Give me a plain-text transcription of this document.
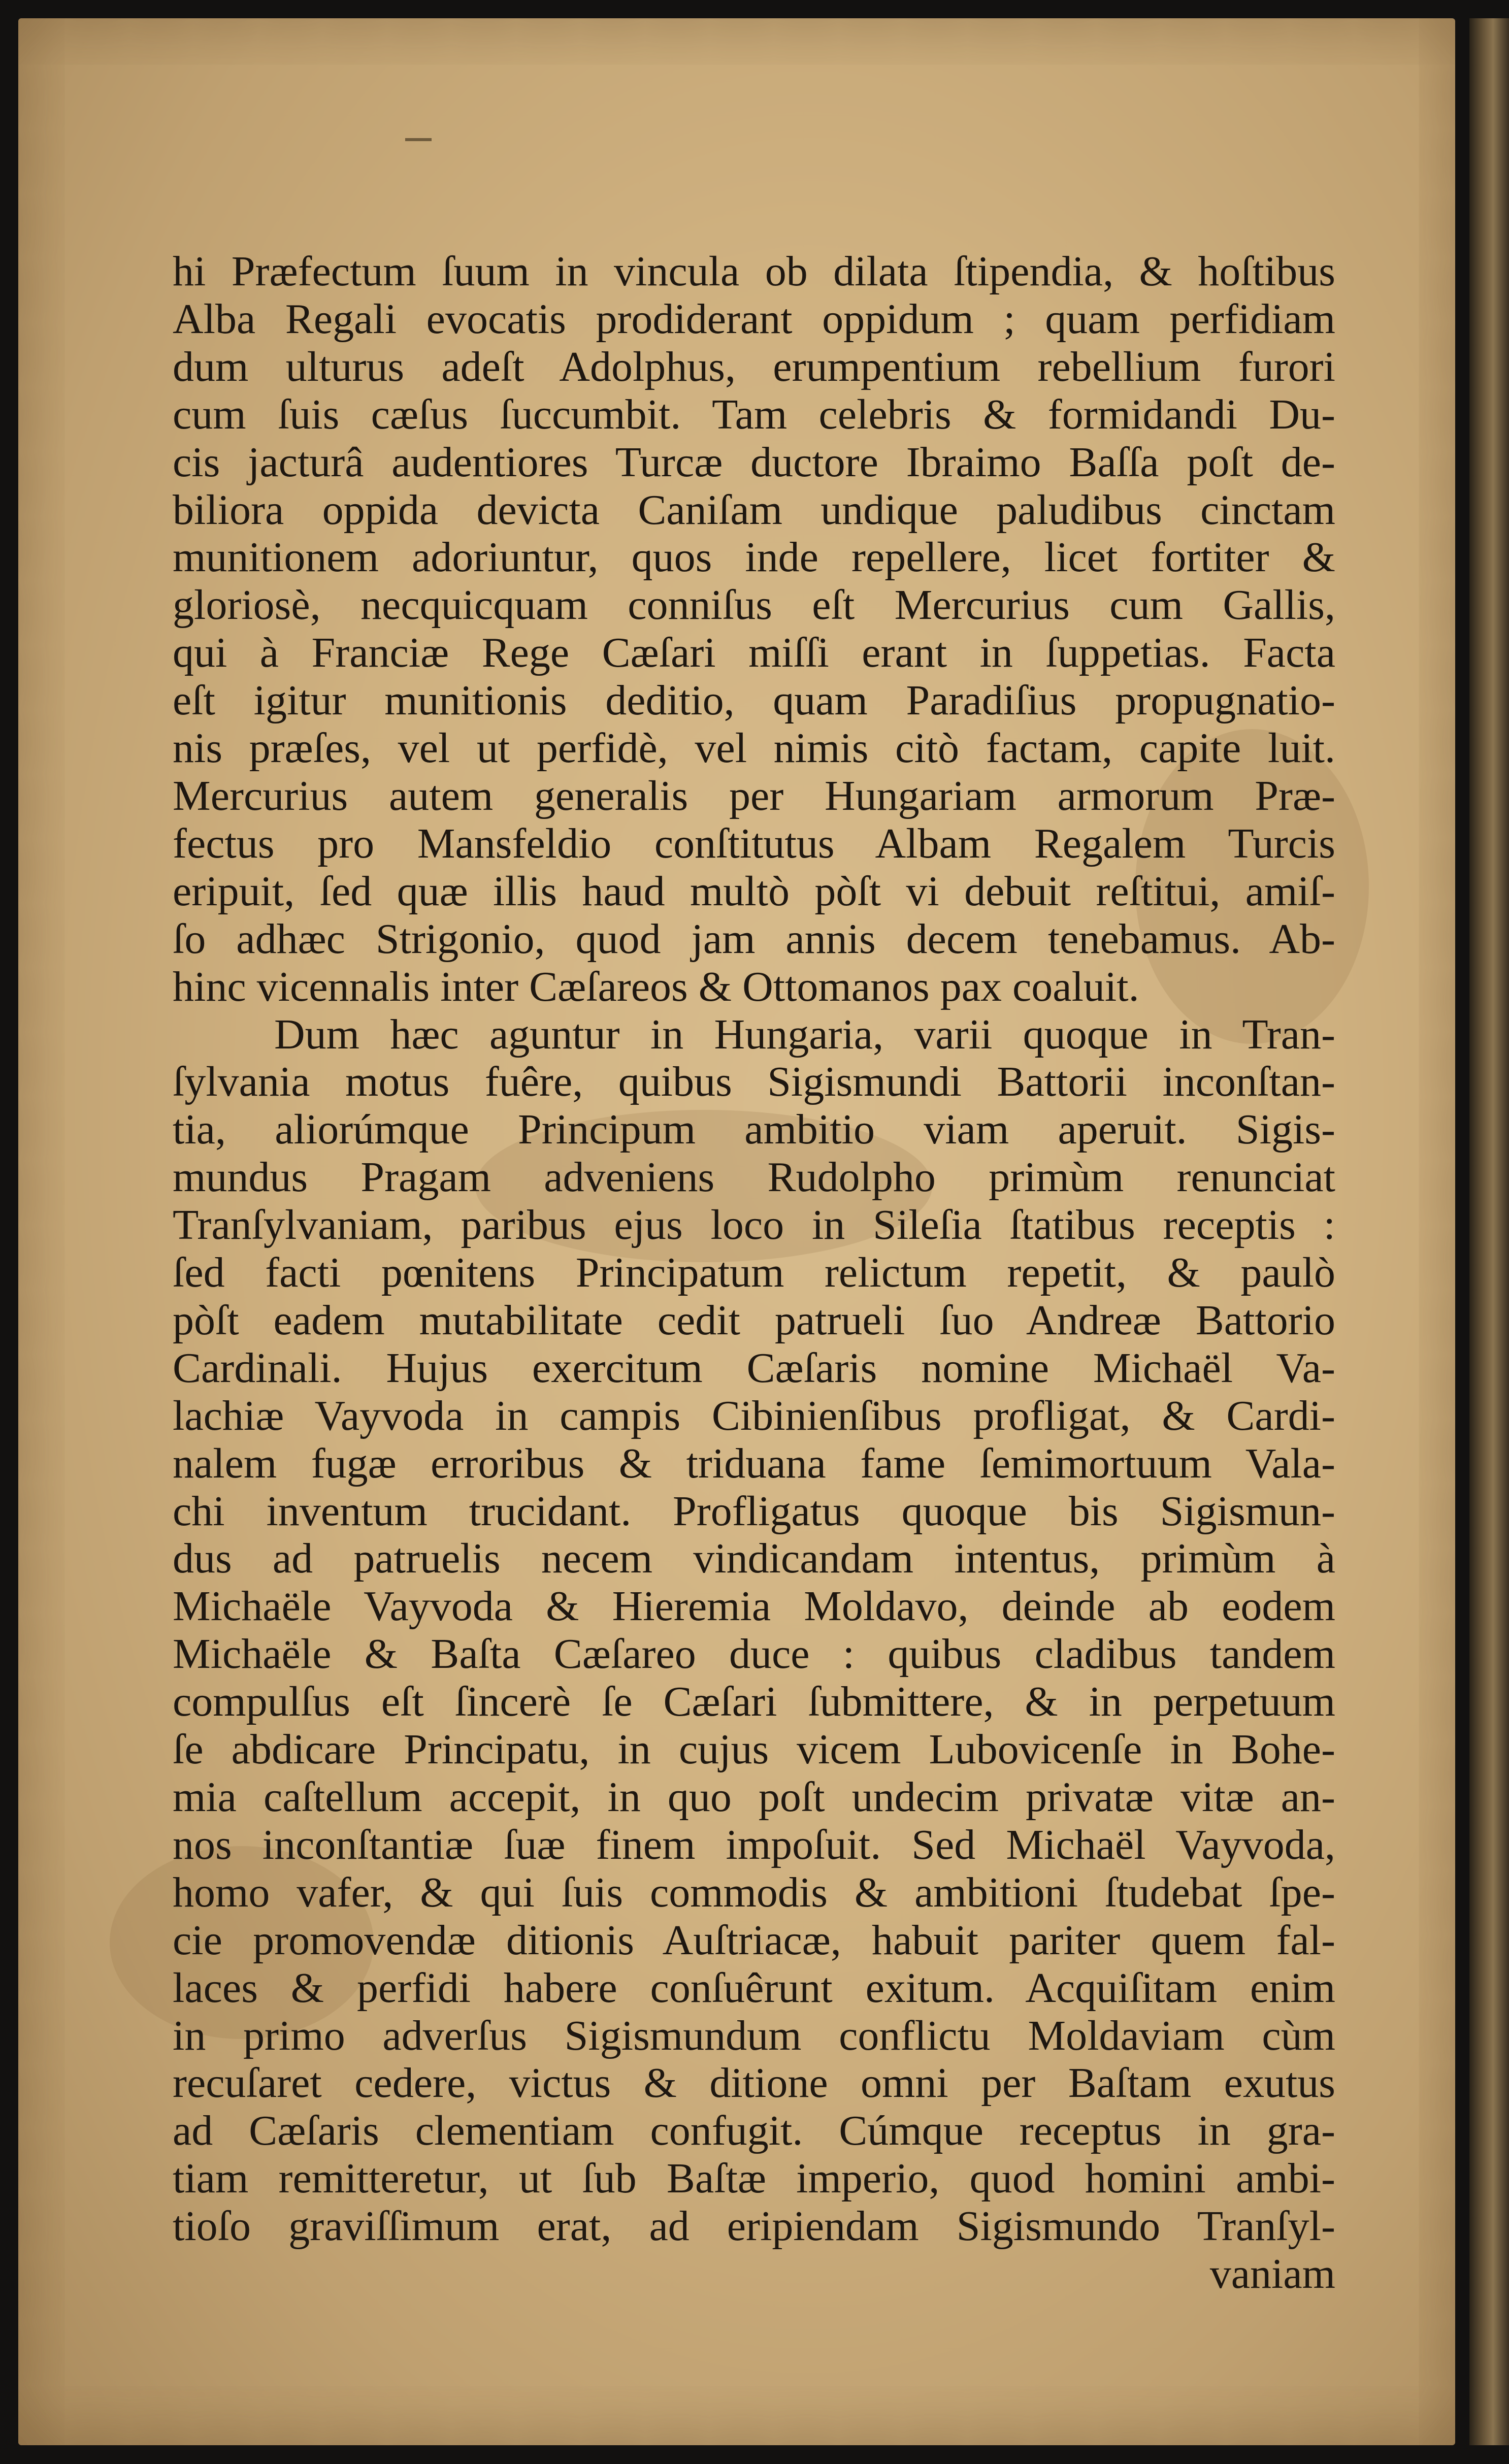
hi Præfectum ſuum in vincula ob dilata ſtipendia, & hoſtibus
Alba Regali evocatis prodiderant oppidum ; quam perfidiam
dum ulturus adeſt Adolphus, erumpentium rebellium furori
cum ſuis cæſus ſuccumbit. Tam celebris & formidandi Du-
cis jacturâ audentiores Turcæ ductore Ibraimo Baſſa poſt de-
biliora oppida devicta Caniſam undique paludibus cinctam
munitionem adoriuntur, quos inde repellere, licet fortiter &
gloriosè, necquicquam conniſus eſt Mercurius cum Gallis,
qui à Franciæ Rege Cæſari miſſi erant in ſuppetias. Facta
eſt igitur munitionis deditio, quam Paradiſius propugnatio-
nis præſes, vel ut perfidè, vel nimis citò factam, capite luit.
Mercurius autem generalis per Hungariam armorum Præ-
fectus pro Mansfeldio conſtitutus Albam Regalem Turcis
eripuit, ſed quæ illis haud multò pòſt vi debuit reſtitui, amiſ-
ſo adhæc Strigonio, quod jam annis decem tenebamus. Ab-
hinc vicennalis inter Cæſareos & Ottomanos pax coaluit.
Dum hæc aguntur in Hungaria, varii quoque in Tran-
ſylvania motus fuêre, quibus Sigismundi Battorii inconſtan-
tia, aliorúmque Principum ambitio viam aperuit. Sigis-
mundus Pragam adveniens Rudolpho primùm renunciat
Tranſylvaniam, paribus ejus loco in Sileſia ſtatibus receptis :
ſed facti pœnitens Principatum relictum repetit, & paulò
pòſt eadem mutabilitate cedit patrueli ſuo Andreæ Battorio
Cardinali. Hujus exercitum Cæſaris nomine Michaël Va-
lachiæ Vayvoda in campis Cibinienſibus profligat, & Cardi-
nalem fugæ erroribus & triduana fame ſemimortuum Vala-
chi inventum trucidant. Profligatus quoque bis Sigismun-
dus ad patruelis necem vindicandam intentus, primùm à
Michaële Vayvoda & Hieremia Moldavo, deinde ab eodem
Michaële & Baſta Cæſareo duce : quibus cladibus tandem
compulſus eſt ſincerè ſe Cæſari ſubmittere, & in perpetuum
ſe abdicare Principatu, in cujus vicem Lubovicenſe in Bohe-
mia caſtellum accepit, in quo poſt undecim privatæ vitæ an-
nos inconſtantiæ ſuæ finem impoſuit. Sed Michaël Vayvoda,
homo vafer, & qui ſuis commodis & ambitioni ſtudebat ſpe-
cie promovendæ ditionis Auſtriacæ, habuit pariter quem fal-
laces & perfidi habere conſuêrunt exitum. Acquiſitam enim
in primo adverſus Sigismundum conflictu Moldaviam cùm
recuſaret cedere, victus & ditione omni per Baſtam exutus
ad Cæſaris clementiam confugit. Cúmque receptus in gra-
tiam remitteretur, ut ſub Baſtæ imperio, quod homini ambi-
tioſo graviſſimum erat, ad eripiendam Sigismundo Tranſyl-
vaniam
